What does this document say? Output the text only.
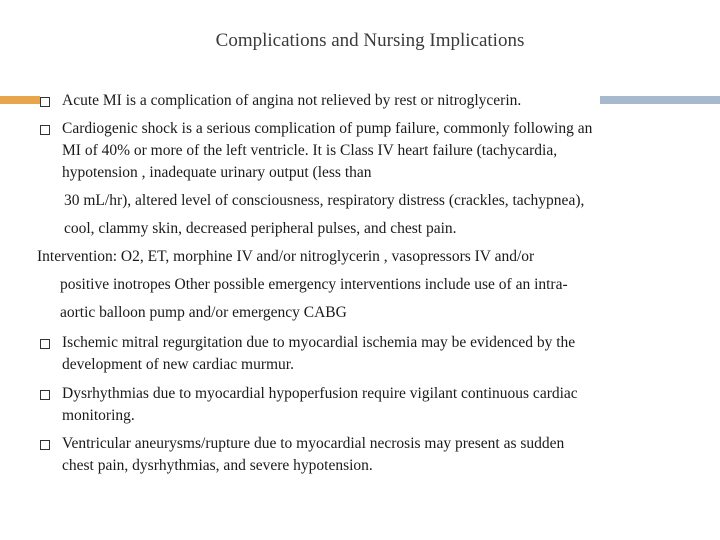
Complications and Nursing Implications
Acute MI is a complication of angina not relieved by rest or nitroglycerin.
Cardiogenic shock is a serious complication of pump failure, commonly following an
MI of 40% or more of the left ventricle. It is Class IV heart failure (tachycardia,
hypotension , inadequate urinary output (less than
30 mL/hr), altered level of consciousness, respiratory distress (crackles, tachypnea),
cool, clammy skin, decreased peripheral pulses, and chest pain.
Intervention: O2, ET, morphine IV and/or nitroglycerin , vasopressors IV and/or
positive inotropes Other possible emergency interventions include use of an intra-
aortic balloon pump and/or emergency CABG
Ischemic mitral regurgitation due to myocardial ischemia may be evidenced by the
development of new cardiac murmur.
Dysrhythmias due to myocardial hypoperfusion require vigilant continuous cardiac
monitoring.
Ventricular aneurysms/rupture due to myocardial necrosis may present as sudden
chest pain, dysrhythmias, and severe hypotension.
